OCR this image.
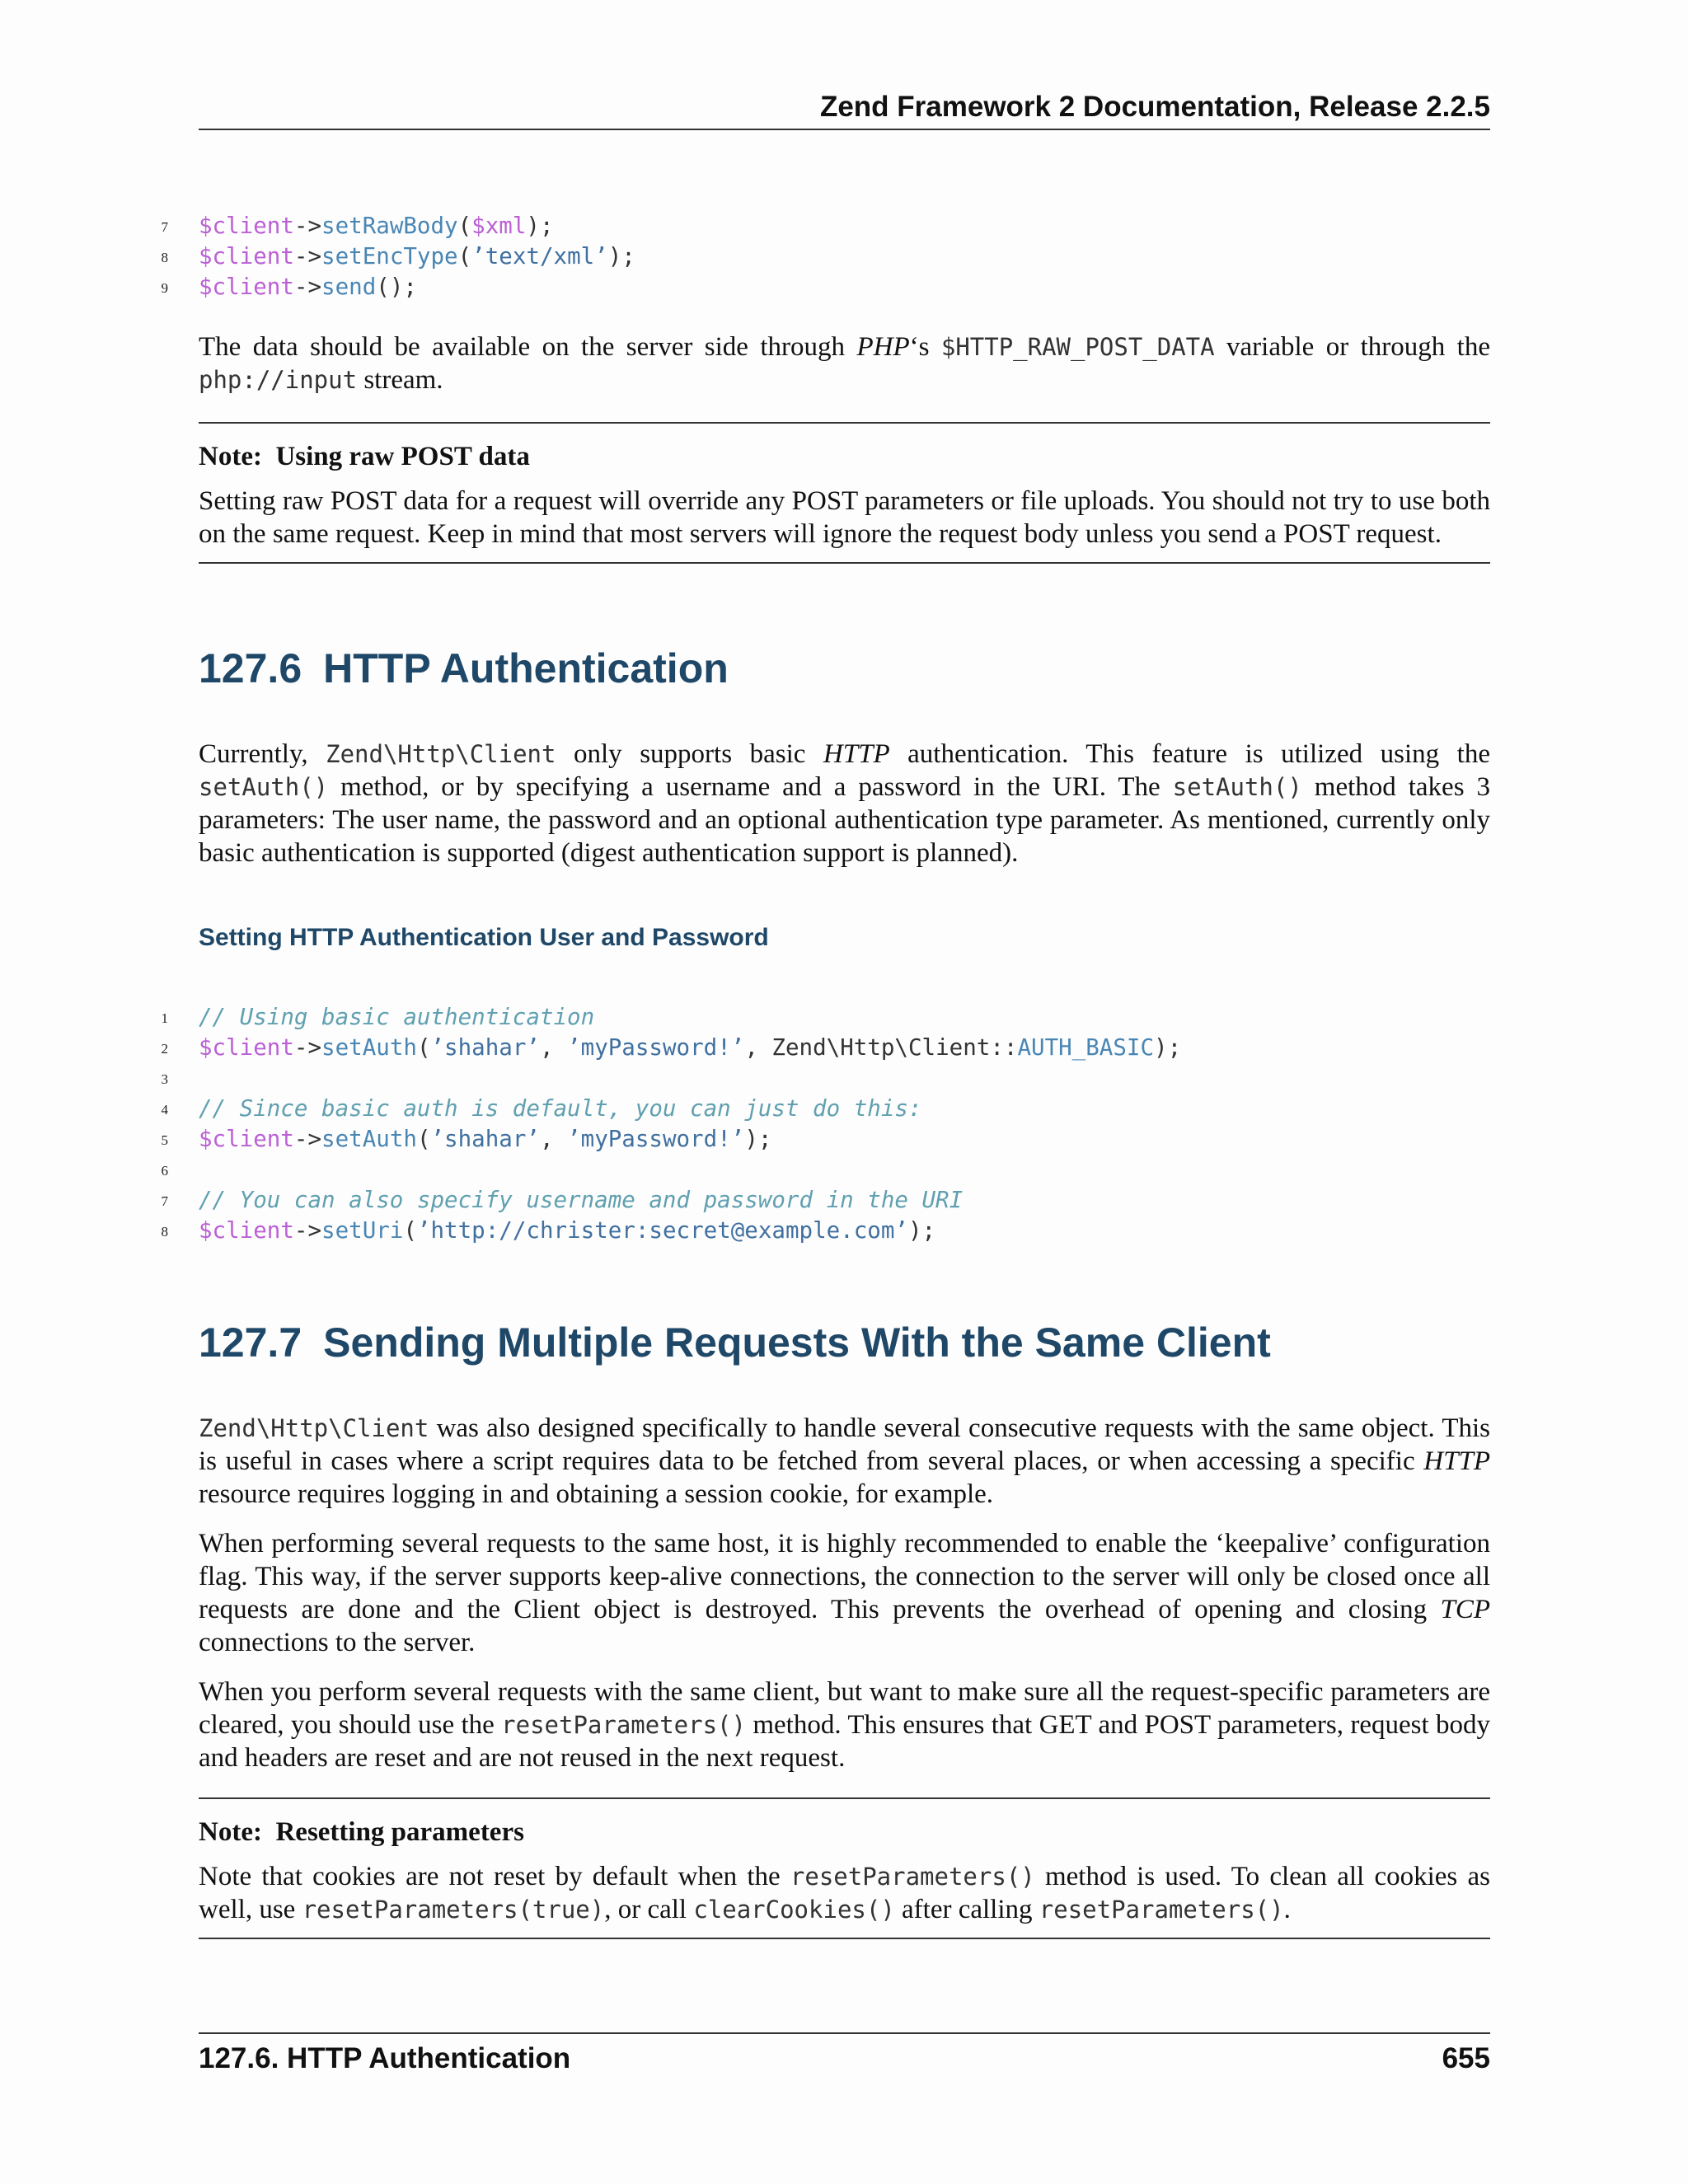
Zend Framework 2 Documentation, Release 2.2.5
7 $client->setRawBody($xml);
8 $client->setEncType(’text/xml’);
9 $client->send();

The data should be available on the server side through PHP‘s $HTTP_RAW_POST_DATA variable or through the php://input stream.

Note: Using raw POST data
Setting raw POST data for a request will override any POST parameters or file uploads. You should not try to use both on the same request. Keep in mind that most servers will ignore the request body unless you send a POST request.
127.6 HTTP Authentication

Currently, Zend\Http\Client only supports basic HTTP authentication. This feature is utilized using the setAuth() method, or by specifying a username and a password in the URI. The setAuth() method takes 3 parameters: The user name, the password and an optional authentication type parameter. As mentioned, currently only basic authentication is supported (digest authentication support is planned).

Setting HTTP Authentication User and Password
1 // Using basic authentication
2 $client->setAuth(’shahar’, ’myPassword!’, Zend\Http\Client::AUTH_BASIC);
3
4 // Since basic auth is default, you can just do this:
5 $client->setAuth(’shahar’, ’myPassword!’);
6
7 // You can also specify username and password in the URI
8 $client->setUri(’http://christer:secret@example.com’);
127.7 Sending Multiple Requests With the Same Client

Zend\Http\Client was also designed specifically to handle several consecutive requests with the same object. This is useful in cases where a script requires data to be fetched from several places, or when accessing a specific HTTP resource requires logging in and obtaining a session cookie, for example.

When performing several requests to the same host, it is highly recommended to enable the ‘keepalive’ configuration flag. This way, if the server supports keep-alive connections, the connection to the server will only be closed once all requests are done and the Client object is destroyed. This prevents the overhead of opening and closing TCP connections to the server.

When you perform several requests with the same client, but want to make sure all the request-specific parameters are cleared, you should use the resetParameters() method. This ensures that GET and POST parameters, request body and headers are reset and are not reused in the next request.

Note: Resetting parameters
Note that cookies are not reset by default when the resetParameters() method is used. To clean all cookies as well, use resetParameters(true), or call clearCookies() after calling resetParameters().
127.6. HTTP Authentication	655
